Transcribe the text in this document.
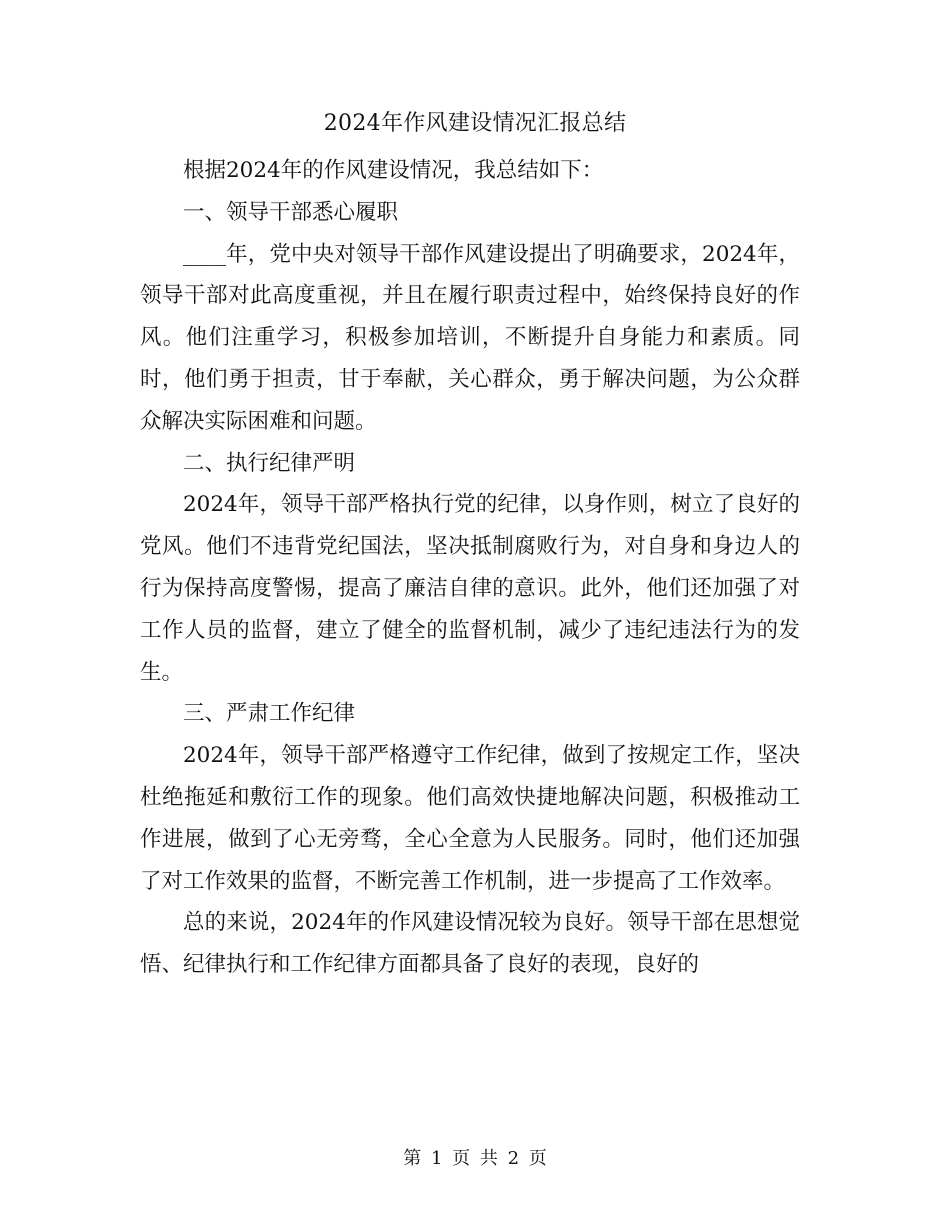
2024年作风建设情况汇报总结

根据2024年的作风建设情况，我总结如下：

一、领导干部悉心履职

____年，党中央对领导干部作风建设提出了明确要求，2024年，领导干部对此高度重视，并且在履行职责过程中，始终保持良好的作风。他们注重学习，积极参加培训，不断提升自身能力和素质。同时，他们勇于担责，甘于奉献，关心群众，勇于解决问题，为公众群众解决实际困难和问题。

二、执行纪律严明

2024年，领导干部严格执行党的纪律，以身作则，树立了良好的党风。他们不违背党纪国法，坚决抵制腐败行为，对自身和身边人的行为保持高度警惕，提高了廉洁自律的意识。此外，他们还加强了对工作人员的监督，建立了健全的监督机制，减少了违纪违法行为的发生。

三、严肃工作纪律

2024年，领导干部严格遵守工作纪律，做到了按规定工作，坚决杜绝拖延和敷衍工作的现象。他们高效快捷地解决问题，积极推动工作进展，做到了心无旁骛，全心全意为人民服务。同时，他们还加强了对工作效果的监督，不断完善工作机制，进一步提高了工作效率。

总的来说，2024年的作风建设情况较为良好。领导干部在思想觉悟、纪律执行和工作纪律方面都具备了良好的表现，良好的

第 1 页 共 2 页
